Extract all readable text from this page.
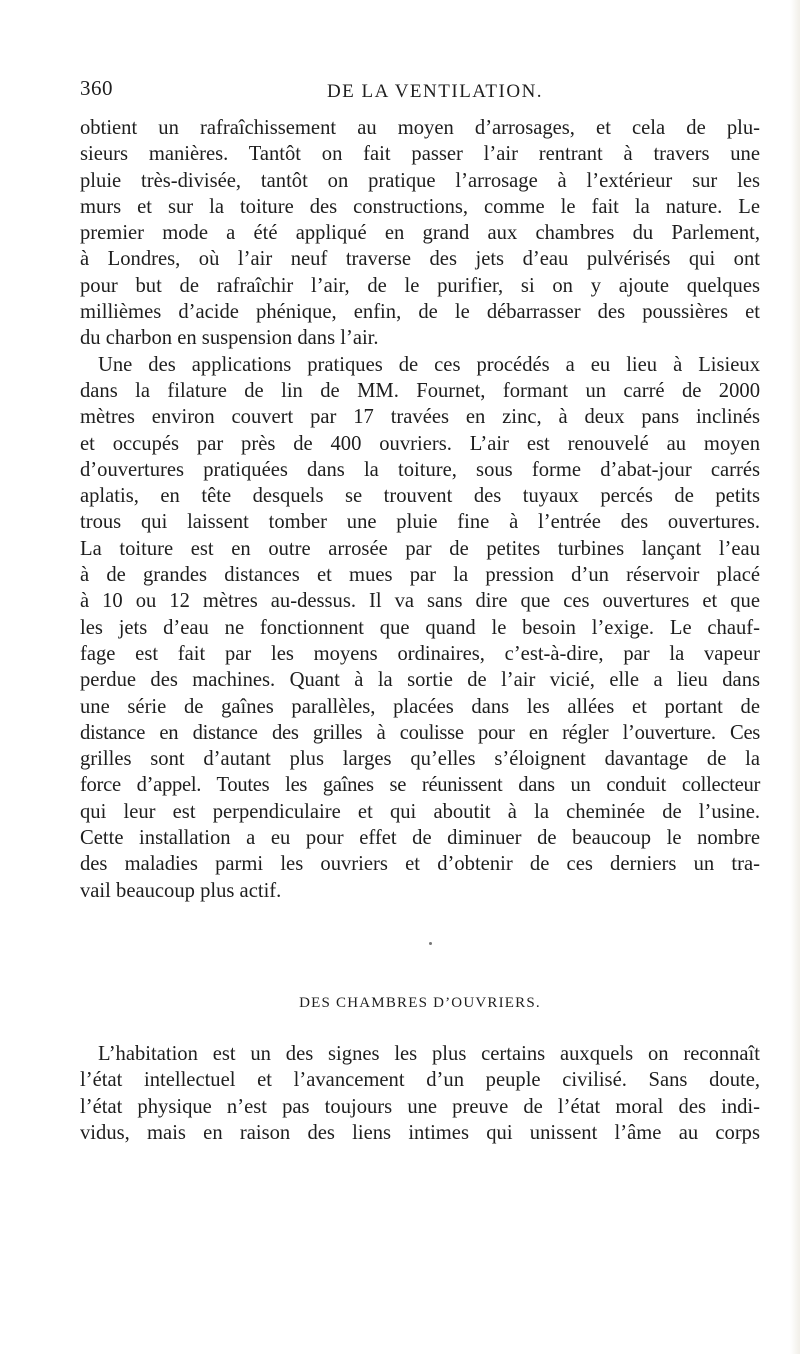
360	DE LA VENTILATION.

obtient un rafraîchissement au moyen d’arrosages, et cela de plu-
sieurs manières. Tantôt on fait passer l’air rentrant à travers une
pluie très-divisée, tantôt on pratique l’arrosage à l’extérieur sur les
murs et sur la toiture des constructions, comme le fait la nature. Le
premier mode a été appliqué en grand aux chambres du Parlement,
à Londres, où l’air neuf traverse des jets d’eau pulvérisés qui ont
pour but de rafraîchir l’air, de le purifier, si on y ajoute quelques
millièmes d’acide phénique, enfin, de le débarrasser des poussières et
du charbon en suspension dans l’air.

Une des applications pratiques de ces procédés a eu lieu à Lisieux
dans la filature de lin de MM. Fournet, formant un carré de 2000
mètres environ couvert par 17 travées en zinc, à deux pans inclinés
et occupés par près de 400 ouvriers. L’air est renouvelé au moyen
d’ouvertures pratiquées dans la toiture, sous forme d’abat-jour carrés
aplatis, en tête desquels se trouvent des tuyaux percés de petits
trous qui laissent tomber une pluie fine à l’entrée des ouvertures.
La toiture est en outre arrosée par de petites turbines lançant l’eau
à de grandes distances et mues par la pression d’un réservoir placé
à 10 ou 12 mètres au-dessus. Il va sans dire que ces ouvertures et que
les jets d’eau ne fonctionnent que quand le besoin l’exige. Le chauf-
fage est fait par les moyens ordinaires, c’est-à-dire, par la vapeur
perdue des machines. Quant à la sortie de l’air vicié, elle a lieu dans
une série de gaînes parallèles, placées dans les allées et portant de
distance en distance des grilles à coulisse pour en régler l’ouverture. Ces
grilles sont d’autant plus larges qu’elles s’éloignent davantage de la
force d’appel. Toutes les gaînes se réunissent dans un conduit collecteur
qui leur est perpendiculaire et qui aboutit à la cheminée de l’usine.
Cette installation a eu pour effet de diminuer de beaucoup le nombre
des maladies parmi les ouvriers et d’obtenir de ces derniers un tra-
vail beaucoup plus actif.

DES CHAMBRES D’OUVRIERS.

L’habitation est un des signes les plus certains auxquels on reconnaît
l’état intellectuel et l’avancement d’un peuple civilisé. Sans doute,
l’état physique n’est pas toujours une preuve de l’état moral des indi-
vidus, mais en raison des liens intimes qui unissent l’âme au corps
